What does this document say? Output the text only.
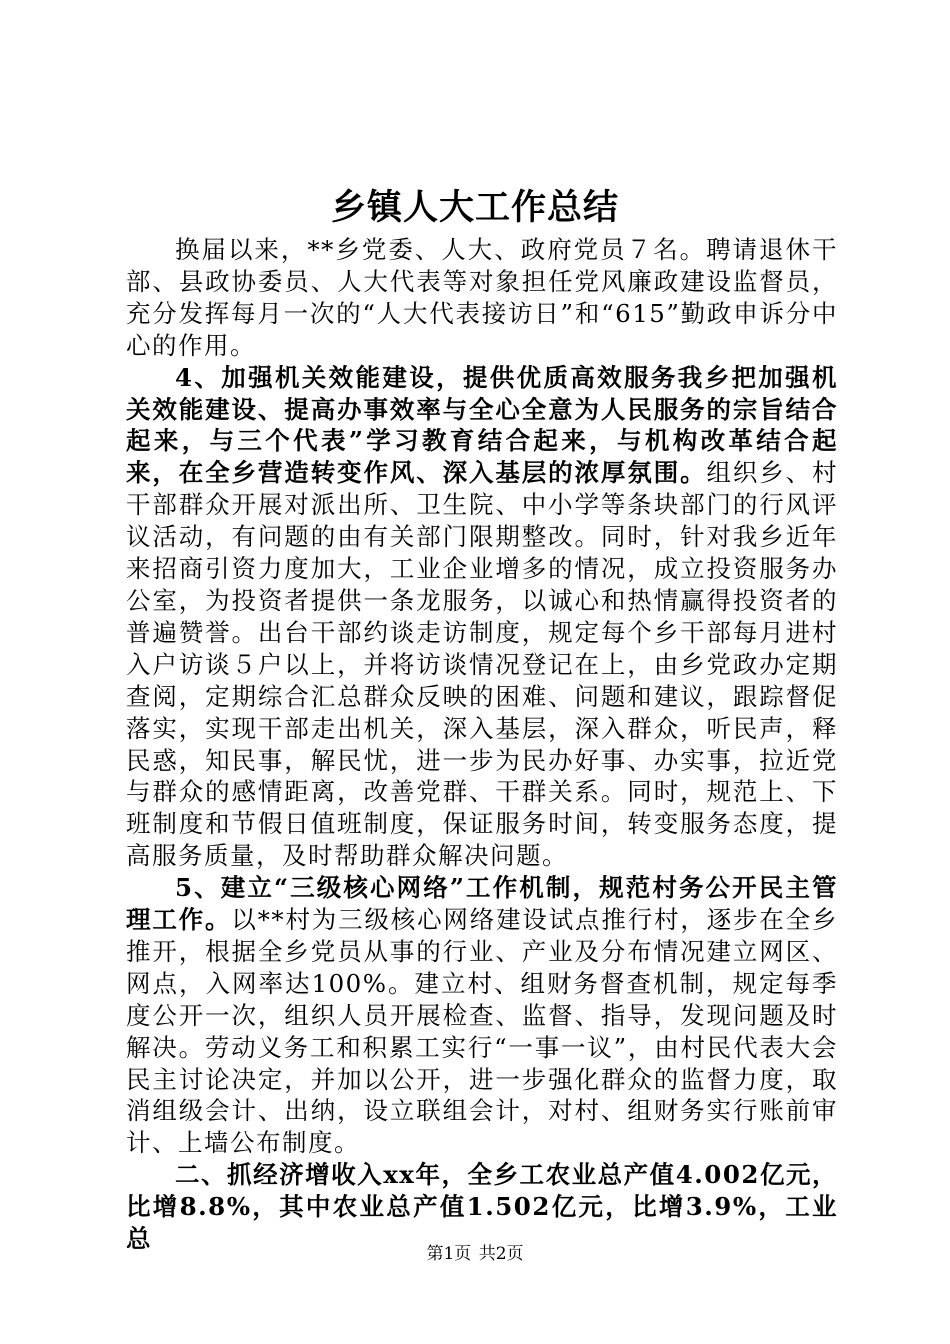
乡镇人大工作总结

换届以来，**乡党委、人大、政府党员７名。聘请退休干部、县政协委员、人大代表等对象担任党风廉政建设监督员，充分发挥每月一次的“人大代表接访日”和“615”勤政申诉分中心的作用。

4、加强机关效能建设，提供优质高效服务我乡把加强机关效能建设、提高办事效率与全心全意为人民服务的宗旨结合起来，与三个代表”学习教育结合起来，与机构改革结合起来，在全乡营造转变作风、深入基层的浓厚氛围。组织乡、村干部群众开展对派出所、卫生院、中小学等条块部门的行风评议活动，有问题的由有关部门限期整改。同时，针对我乡近年来招商引资力度加大，工业企业增多的情况，成立投资服务办公室，为投资者提供一条龙服务，以诚心和热情赢得投资者的普遍赞誉。出台干部约谈走访制度，规定每个乡干部每月进村入户访谈５户以上，并将访谈情况登记在上，由乡党政办定期查阅，定期综合汇总群众反映的困难、问题和建议，跟踪督促落实，实现干部走出机关，深入基层，深入群众，听民声，释民惑，知民事，解民忧，进一步为民办好事、办实事，拉近党与群众的感情距离，改善党群、干群关系。同时，规范上、下班制度和节假日值班制度，保证服务时间，转变服务态度，提高服务质量，及时帮助群众解决问题。

5、建立“三级核心网络”工作机制，规范村务公开民主管理工作。以**村为三级核心网络建设试点推行村，逐步在全乡推开，根据全乡党员从事的行业、产业及分布情况建立网区、网点，入网率达100%。建立村、组财务督查机制，规定每季度公开一次，组织人员开展检查、监督、指导，发现问题及时解决。劳动义务工和积累工实行“一事一议”，由村民代表大会民主讨论决定，并加以公开，进一步强化群众的监督力度，取消组级会计、出纳，设立联组会计，对村、组财务实行账前审计、上墙公布制度。

二、抓经济增收入xx年，全乡工农业总产值4.002亿元，比增8.8%，其中农业总产值1.502亿元，比增3.9%，工业总

第1页 共2页
